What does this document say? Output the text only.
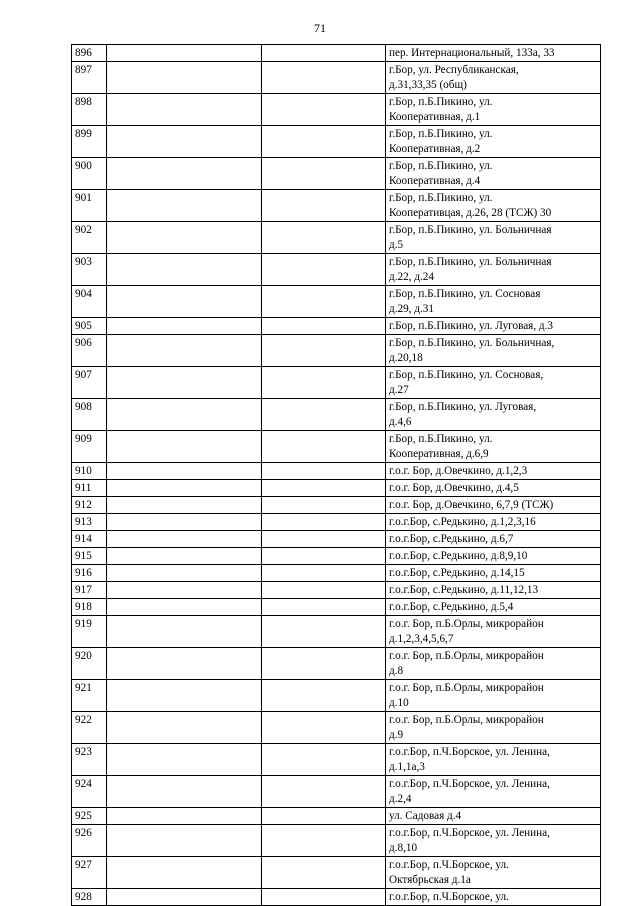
71
896			пер. Интернациональный, 133а, 33
897			г.Бор, ул. Республиканская,
д.31,33,35 (общ)
898			г.Бор, п.Б.Пикино, ул.
Кооперативная, д.1
899			г.Бор, п.Б.Пикино, ул.
Кооперативная, д.2
900			г.Бор, п.Б.Пикино, ул.
Кооперативная, д.4
901			г.Бор, п.Б.Пикино, ул.
Кооперативцая, д.26, 28 (ТСЖ) 30
902			г.Бор, п.Б.Пикино, ул. Больничная
д.5
903			г.Бор, п.Б.Пикино, ул. Больничная
д.22, д.24
904			г.Бор, п.Б.Пикино, ул. Сосновая
д.29, д.31
905			г.Бор, п.Б.Пикино, ул. Луговая, д.3
906			г.Бор, п.Б.Пикино, ул. Больничная,
д.20,18
907			г.Бор, п.Б.Пикино, ул. Сосновая,
д.27
908			г.Бор, п.Б.Пикино, ул. Луговая,
д.4,6
909			г.Бор, п.Б.Пикино, ул.
Кооперативная, д.6,9
910			г.о.г. Бор, д.Овечкино, д.1,2,3
911			г.о.г. Бор, д.Овечкино, д.4,5
912			г.о.г. Бор, д.Овечкино, 6,7,9 (ТСЖ)
913			г.о.г.Бор, с.Редькино, д.1,2,3,16
914			г.о.г.Бор, с.Редькино, д.6,7
915			г.о.г.Бор, с.Редькино, д.8,9,10
916			г.о.г.Бор, с.Редькино, д.14,15
917			г.о.г.Бор, с.Редькино, д.11,12,13
918			г.о.г.Бор, с.Редькино, д.5,4
919			г.о.г. Бор, п.Б.Орлы, микрорайон
д.1,2,3,4,5,6,7
920			г.о.г. Бор, п.Б.Орлы, микрорайон
д.8
921			г.о.г. Бор, п.Б.Орлы, микрорайон
д.10
922			г.о.г. Бор, п.Б.Орлы, микрорайон
д.9
923			г.о.г.Бор, п.Ч.Борское, ул. Ленина,
д.1,1а,3
924			г.о.г.Бор, п.Ч.Борское, ул. Ленина,
д.2,4
925			ул. Садовая д.4
926			г.о.г.Бор, п.Ч.Борское, ул. Ленина,
д.8,10
927			г.о.г.Бор, п.Ч.Борское, ул.
Октябрьская д.1а
928			г.о.г.Бор, п.Ч.Борское, ул.
